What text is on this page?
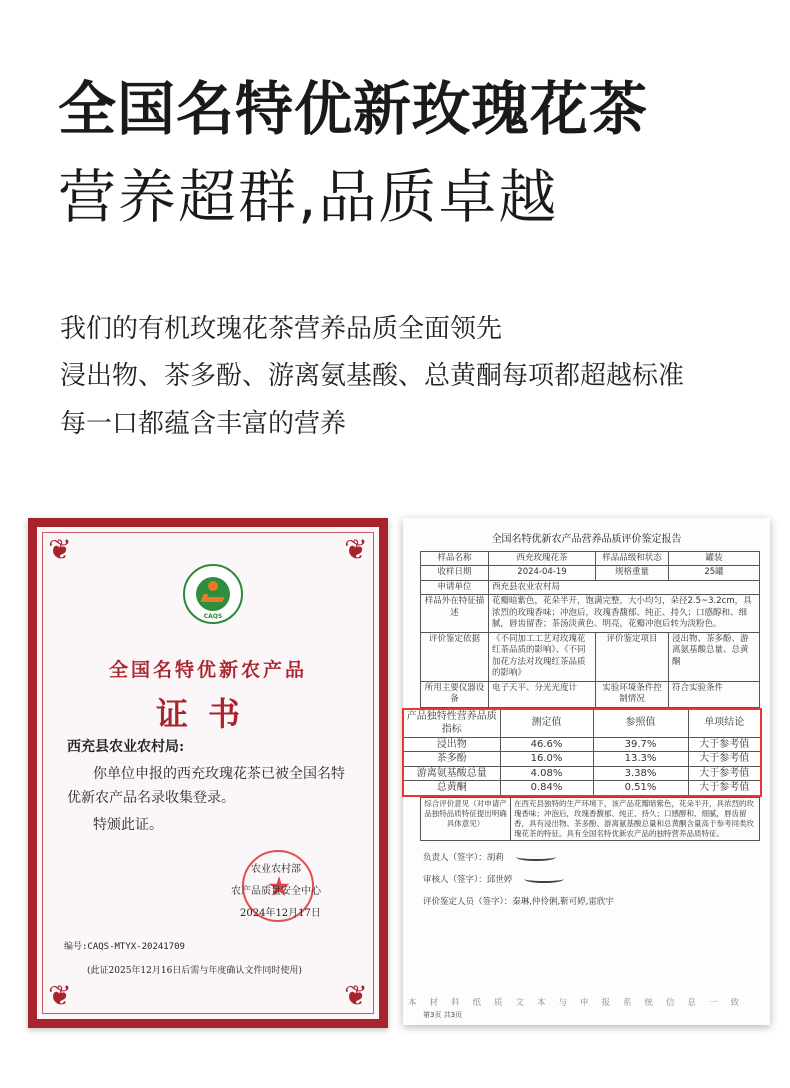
全国名特优新玫瑰花茶
营养超群,品质卓越
我们的有机玫瑰花茶营养品质全面领先
浸出物、茶多酚、游离氨基酸、总黄酮每项都超越标准
每一口都蕴含丰富的营养
❦	❦
❦	❦
CAQS
全国名特优新农产品
证书
西充县农业农村局:
你单位申报的西充玫瑰花茶已被全国名特
优新农产品名录收集登录。
特颁此证。
农业农村部
农产品质量安全中心
2024年12月17日
编号:CAQS-MTYX-20241709
(此证2025年12月16日后需与年度确认文件同时使用)
全国名特优新农产品营养品质评价鉴定报告
样品名称	西充玫瑰花茶	样品品级和状态	罐装
收样日期	2024-04-19	规格重量	25罐
申请单位	西充县农业农村局		
样品外在特征描述	花瓣暗紫色，花朵半开，饱满完整，大小均匀，朵径2.5~3.2cm，具浓烈的玫瑰香味；冲泡后，玫瑰香馥郁、纯正、持久；口感醇和、细腻，唇齿留香；茶汤淡黄色、明亮，花瓣冲泡后转为淡粉色。		
评价鉴定依据	《不同加工工艺对玫瑰花红茶品质的影响》、《不同加花方法对玫瑰红茶品质的影响》	评价鉴定项目	浸出物、茶多酚、游离氨基酸总量、总黄酮
所用主要仪器设备	电子天平、分光光度计	实验环境条件控制情况	符合实验条件
产品独特性营养品质指标	测定值	参照值	单项结论
浸出物	46.6%	39.7%	大于参考值
茶多酚	16.0%	13.3%	大于参考值
游离氨基酸总量	4.08%	3.38%	大于参考值
总黄酮	0.84%	0.51%	大于参考值
综合评价意见（对申请产品独特品质特征提出明确具体意见）	在西充县独特的生产环境下，该产品花瓣暗紫色，花朵半开，具浓烈的玫瑰香味；冲泡后，玫瑰香馥郁、纯正、持久；口感醇和、细腻，唇齿留香，具有浸出物、茶多酚、游离氨基酸总量和总黄酮含量高于参考同类玫瑰花茶的特征。具有全国名特优新农产品的独特营养品质特征。
负责人（签字）：胡莉
审核人（签字）：邱世婷
评价鉴定人员（签字）：秦琳,仲伶俐,靳可婷,雷欣宇
本材料纸质文本与申报系统信息一致
第3页 共3页
